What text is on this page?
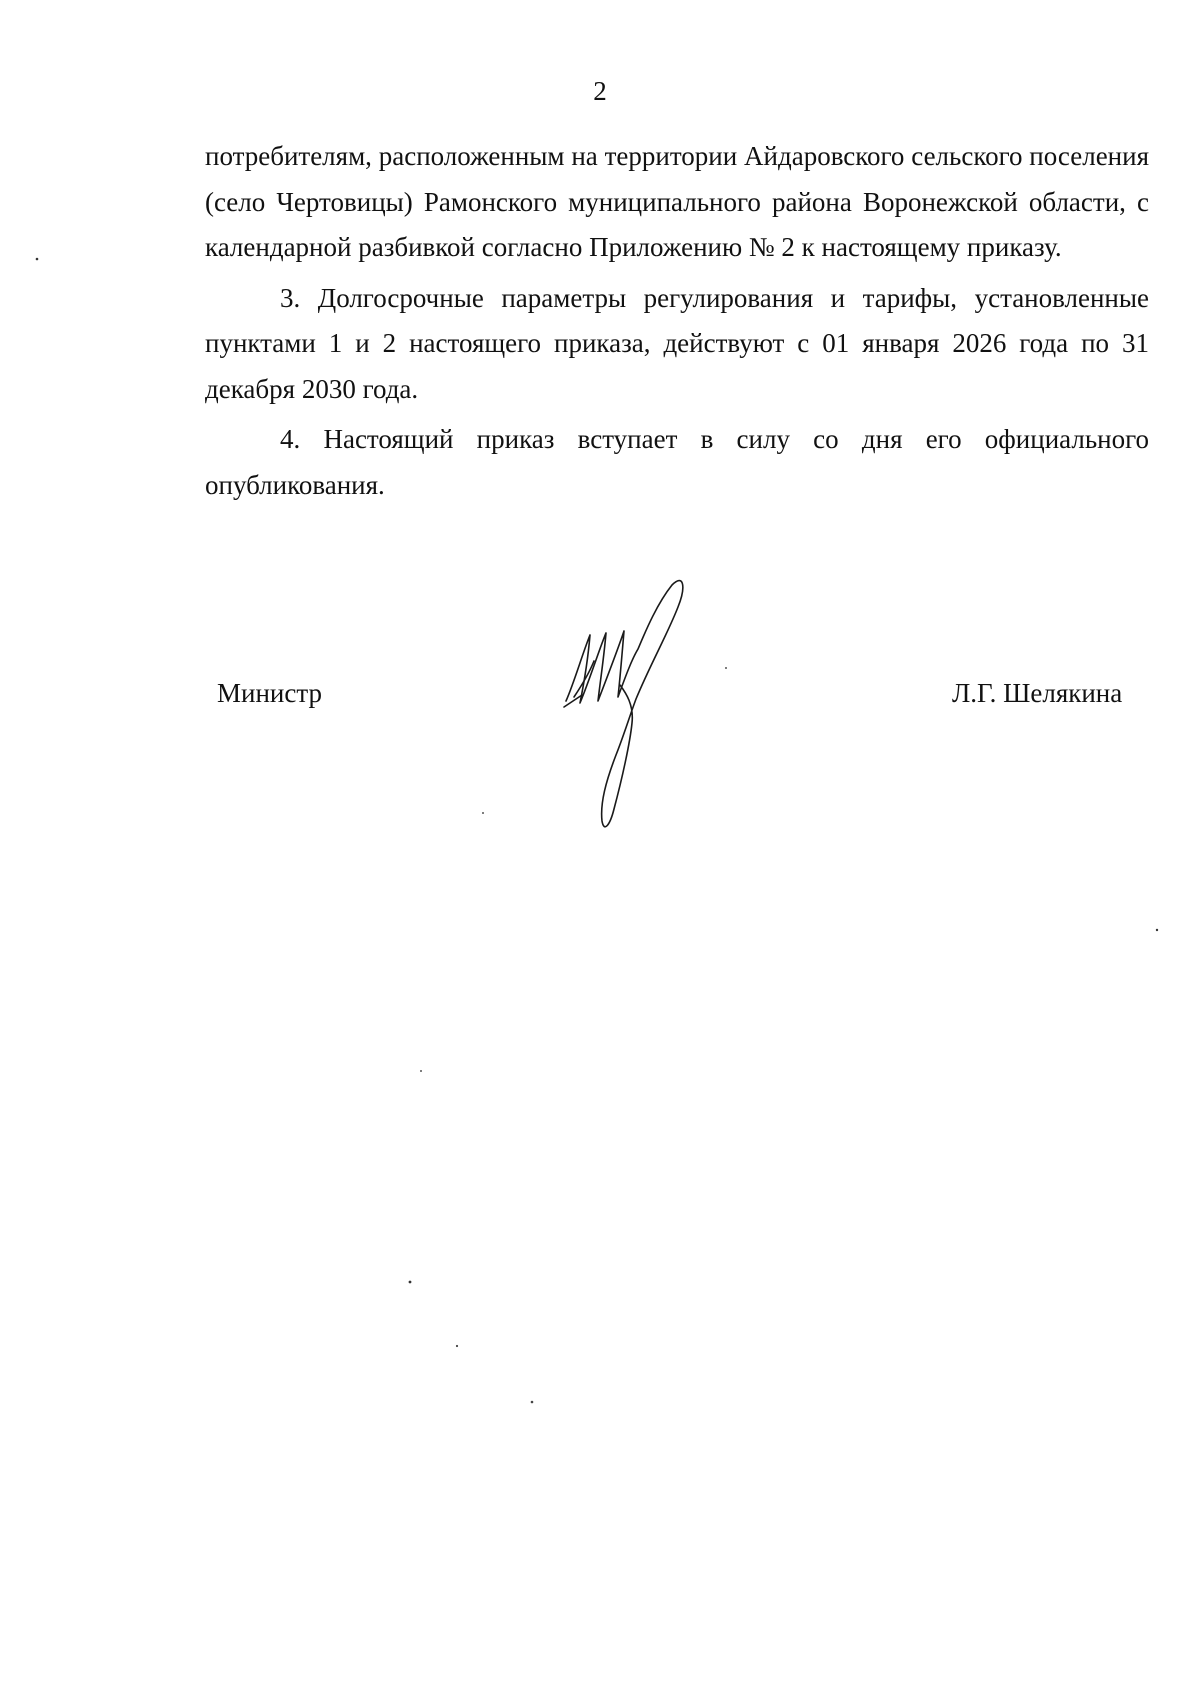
2

потребителям, расположенным на территории Айдаровского сельского поселения (село Чертовицы) Рамонского муниципального района Воронежской области, с календарной разбивкой согласно Приложению № 2 к настоящему приказу.

3. Долгосрочные параметры регулирования и тарифы, установленные пунктами 1 и 2 настоящего приказа, действуют с 01 января 2026 года по 31 декабря 2030 года.

4. Настоящий приказ вступает в силу со дня его официального опубликования.

Министр	Л.Г. Шелякина
